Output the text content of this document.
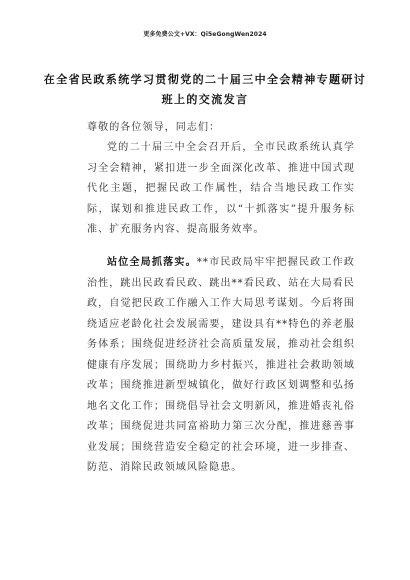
更多免费公文+VX：Qi5eGongWen2024
在全省民政系统学习贯彻党的二十届三中全会精神专题研讨班上的交流发言
尊敬的各位领导，同志们：
党的二十届三中全会召开后，全市民政系统认真学习全会精神，紧扣进一步全面深化改革、推进中国式现代化主题，把握民政工作属性，结合当地民政工作实际，谋划和推进民政工作，以“十抓落实”提升服务标准、扩充服务内容、提高服务效率。
站位全局抓落实。**市民政局牢牢把握民政工作政治性，跳出民政看民政、跳出**看民政、站在大局看民政，自觉把民政工作融入工作大局思考谋划。今后将围绕适应老龄化社会发展需要，建设具有**特色的养老服务体系；围绕促进经济社会高质量发展，推动社会组织健康有序发展；围绕助力乡村振兴，推进社会救助领域改革；围绕推进新型城镇化，做好行政区划调整和弘扬地名文化工作；围绕倡导社会文明新风，推进婚丧礼俗改革；围绕促进共同富裕助力第三次分配，推进慈善事业发展；围绕营造安全稳定的社会环境，进一步排查、防范、消除民政领域风险隐患。
